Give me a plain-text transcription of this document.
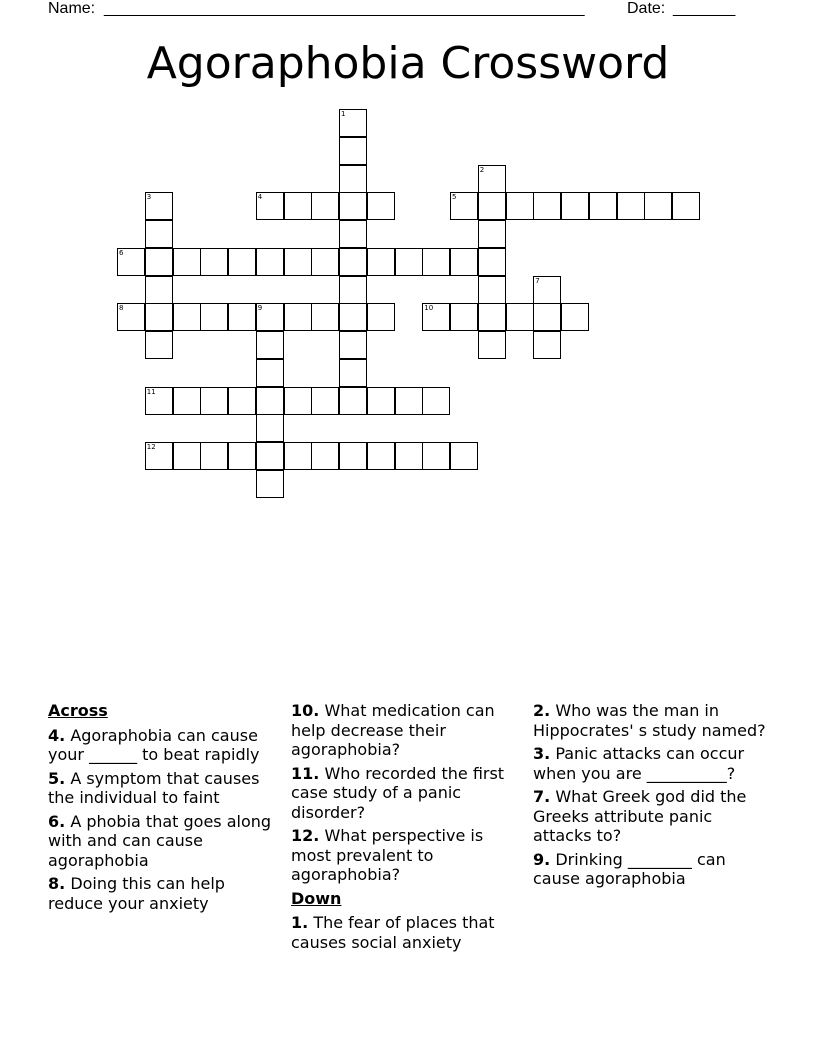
Name: ______________________________________________________	Date: _______
Agoraphobia Crossword
4	5
6
8	9	10
11
12
1
2
3
7
Across
4. Agoraphobia can cause your ______ to beat rapidly
5. A symptom that causes the individual to faint
6. A phobia that goes along with and can cause agoraphobia
8. Doing this can help reduce your anxiety
10. What medication can help decrease their agoraphobia?
11. Who recorded the first case study of a panic disorder?
12. What perspective is most prevalent to agoraphobia?
Down
1. The fear of places that causes social anxiety
2. Who was the man in Hippocrates' s study named?
3. Panic attacks can occur when you are __________?
7. What Greek god did the Greeks attribute panic attacks to?
9. Drinking ________ can cause agoraphobia
